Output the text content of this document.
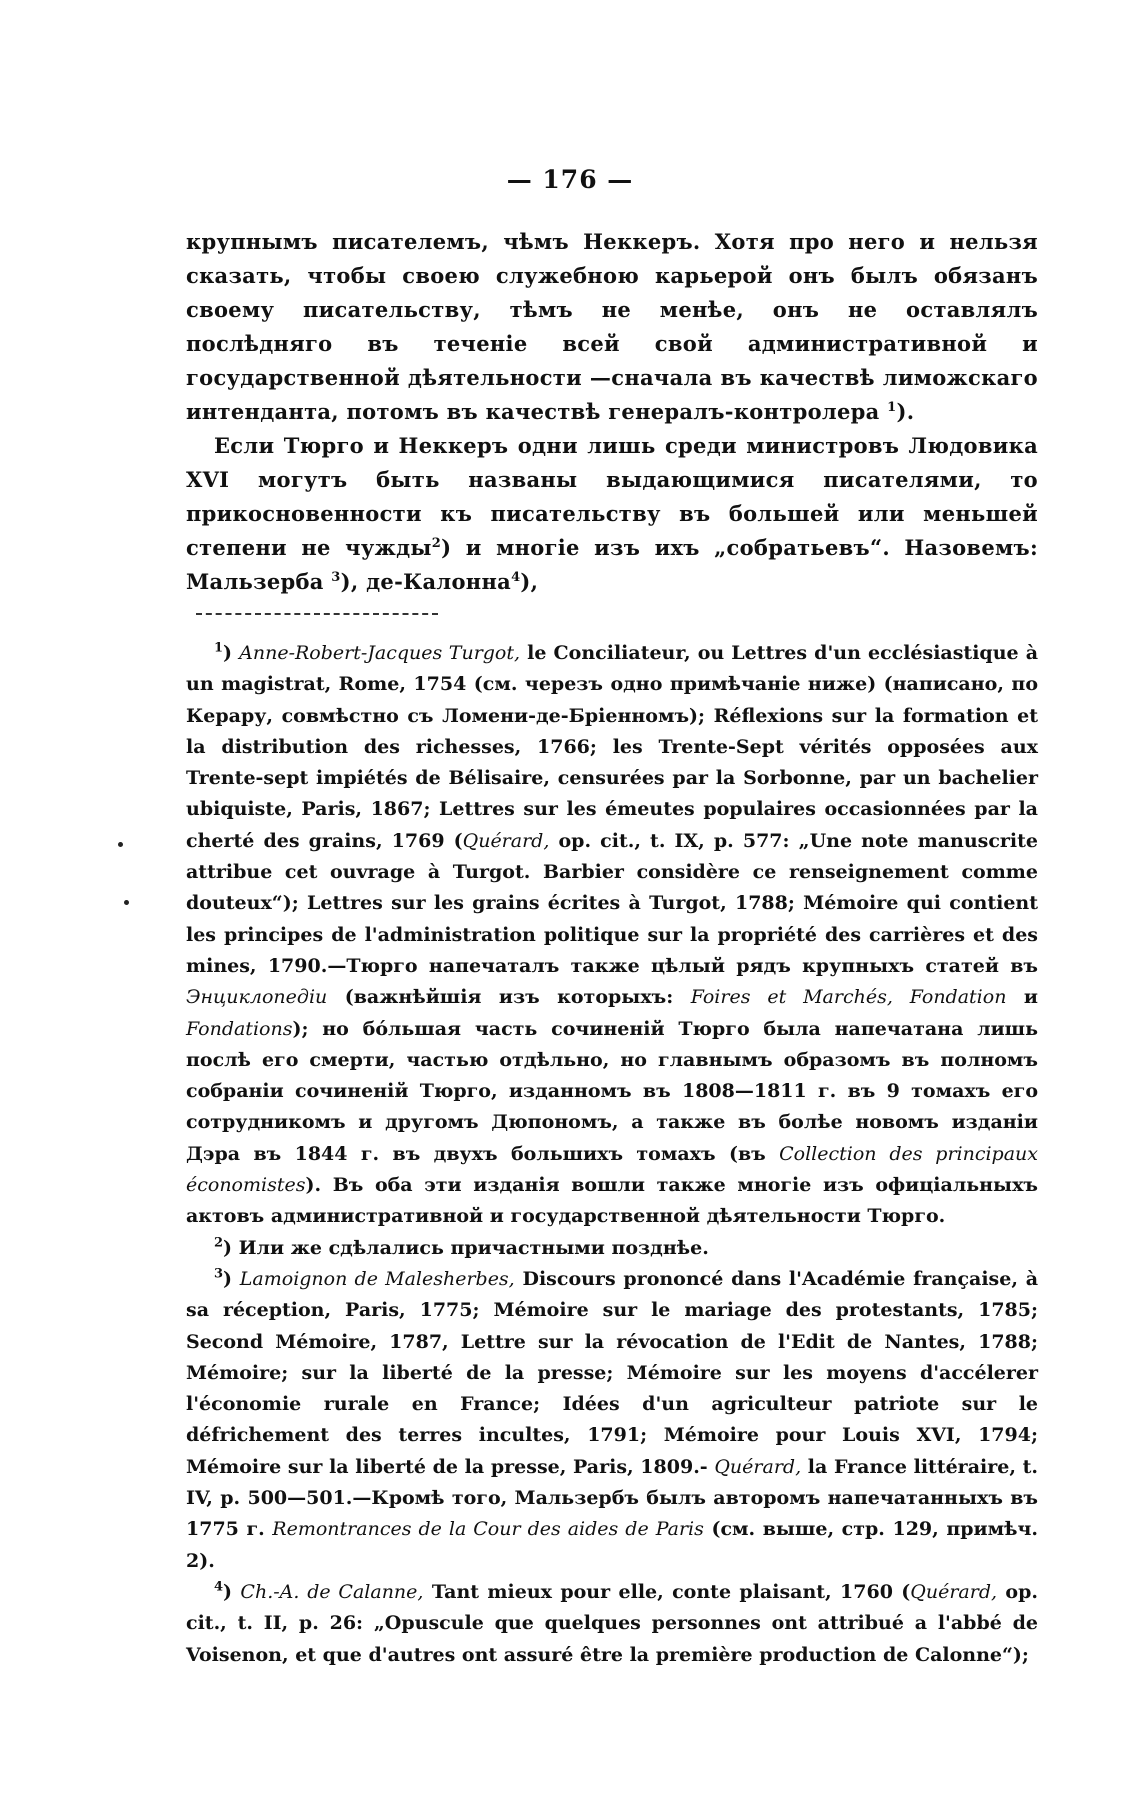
— 176 —

крупнымъ писателемъ, чѣмъ Неккеръ. Хотя про него и нельзя сказать, чтобы своею служебною карьерой онъ былъ обязанъ своему писательству, тѣмъ не менѣе, онъ не оставлялъ послѣдняго въ теченіе всей свой административной и государственной дѣятельности —сначала въ качествѣ лиможскаго интенданта, потомъ въ качествѣ генералъ-контролера $^1$).

Если Тюрго и Неккеръ одни лишь среди министровъ Людовика XVI могутъ быть названы выдающимися писателями, то прикосновенности къ писательству въ большей или меньшей степени не чужды$^2$) и многіе изъ ихъ „собратьевъ“. Назовемъ: Мальзерба $^3$), де-Калонна$^4$),

$^1$) Anne-Robert-Jacques Turgot, le Conciliateur, ou Lettres d'un ecclésiastique à un magistrat, Rome, 1754 (см. черезъ одно примѣчаніе ниже) (написано, по Кераpу, совмѣстно съ Ломени-де-Бріенномъ); Réflexions sur la formation et la distribution des richesses, 1766; les Trente-Sept vérités opposées aux Trente-sept impiétés de Bélisaire, censurées par la Sorbonne, par un bachelier ubiquiste, Paris, 1867; Lettres sur les émeutes populaires occasionnées par la cherté des grains, 1769 (Quérard, op. cit., t. IX, p. 577: „Une note manuscrite attribue cet ouvrage à Turgot. Barbier considère ce renseignement comme douteux“); Lettres sur les grains écrites à Turgot, 1788; Mémoire qui contient les principes de l'administration politique sur la propriété des carrières et des mines, 1790.—Тюрго напечаталъ также цѣлый рядъ крупныхъ статей въ Энциклопедіи (важнѣйшія изъ которыхъ: Foires et Marchés, Fondation и Fondations); но бóльшая часть сочиненій Тюрго была напечатана лишь послѣ его смерти, частью отдѣльно, но главнымъ образомъ въ полномъ собраніи сочиненій Тюрго, изданномъ въ 1808—1811 г. въ 9 томахъ его сотрудникомъ и другомъ Дюпономъ, а также въ болѣе новомъ изданіи Дэра въ 1844 г. въ двухъ большихъ томахъ (въ Collection des principaux économistes). Въ оба эти изданія вошли также многіе изъ офиціальныхъ актовъ административной и государственной дѣятельности Тюрго.

$^2$) Или же сдѣлались причастными позднѣе.

$^3$) Lamoignon de Malesherbes, Discours prononcé dans l'Académie française, à sa réception, Paris, 1775; Mémoire sur le mariage des protestants, 1785; Second Mémoire, 1787, Lettre sur la révocation de l'Edit de Nantes, 1788; Mémoire; sur la liberté de la presse; Mémoire sur les moyens d'accélerer l'économie rurale en France; Idées d'un agriculteur patriote sur le défrichement des terres incultes, 1791; Mémoire pour Louis XVI, 1794; Mémoire sur la liberté de la presse, Paris, 1809.- Quérard, la France littéraire, t. IV, p. 500—501.—Кромѣ того, Мальзербъ былъ авторомъ напечатанныхъ въ 1775 г. Remontrances de la Cour des aides de Paris (см. выше, стр. 129, примѣч. 2).

$^4$) Ch.-A. de Calanne, Tant mieux pour elle, conte plaisant, 1760 (Quérard, op. cit., t. II, p. 26: „Opuscule que quelques personnes ont attribué a l'abbé de Voisenon, et que d'autres ont assuré être la première production de Calonne“);
